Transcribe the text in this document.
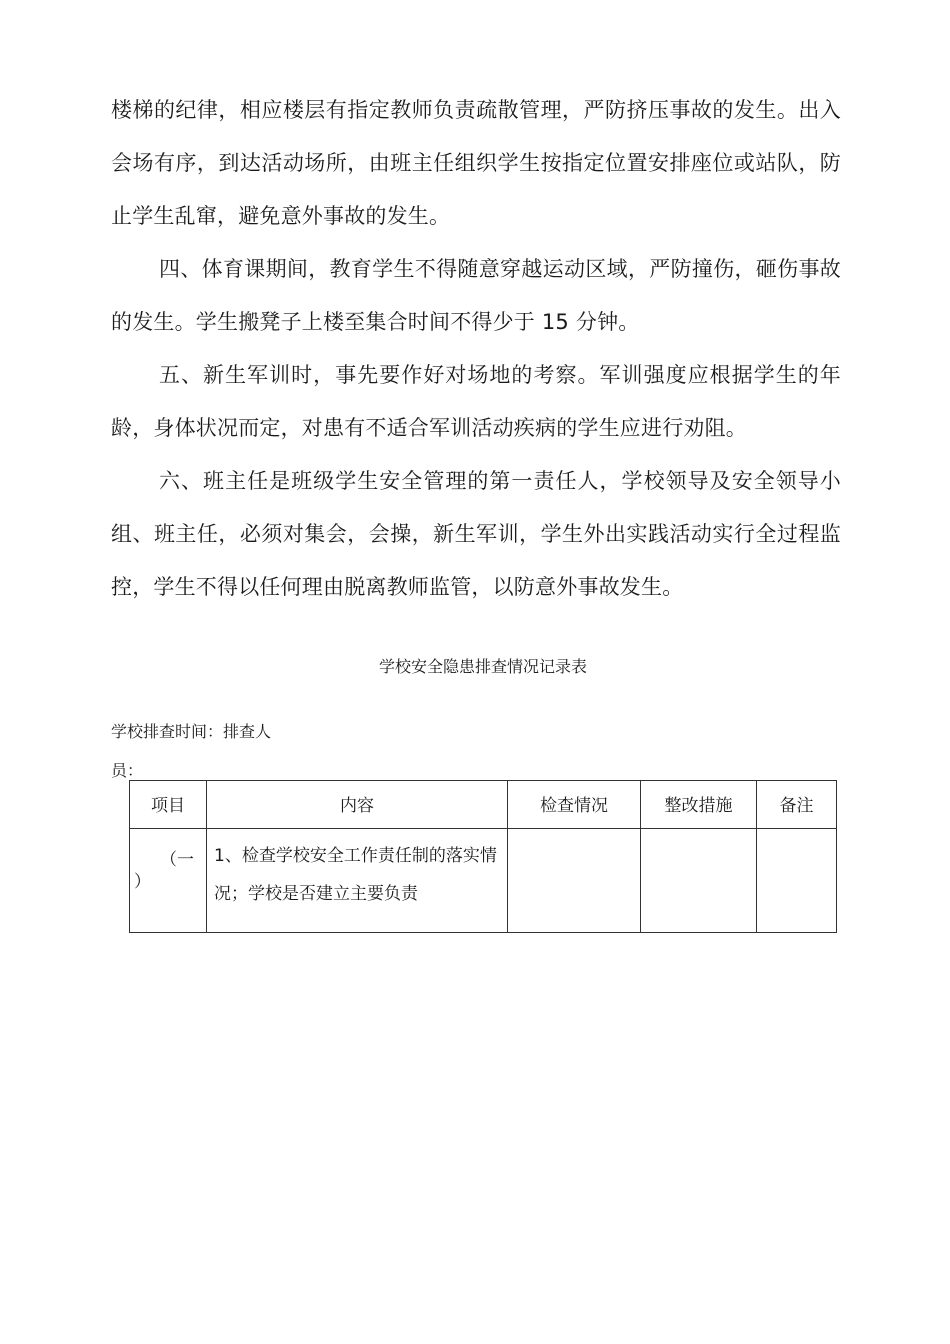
楼梯的纪律，相应楼层有指定教师负责疏散管理，严防挤压事故的发生。出入会场有序，到达活动场所，由班主任组织学生按指定位置安排座位或站队，防止学生乱窜，避免意外事故的发生。

四、体育课期间，教育学生不得随意穿越运动区域，严防撞伤，砸伤事故的发生。学生搬凳子上楼至集合时间不得少于 15 分钟。

五、新生军训时，事先要作好对场地的考察。军训强度应根据学生的年龄，身体状况而定，对患有不适合军训活动疾病的学生应进行劝阻。

六、班主任是班级学生安全管理的第一责任人，学校领导及安全领导小组、班主任，必须对集会，会操，新生军训，学生外出实践活动实行全过程监控，学生不得以任何理由脱离教师监管，以防意外事故发生。

学校安全隐患排查情况记录表
学校排查时间：排查人
员：
项目	内容	检查情况	整改措施	备注
（一
）	1、检查学校安全工作责任制的落实情况；学校是否建立主要负责			
